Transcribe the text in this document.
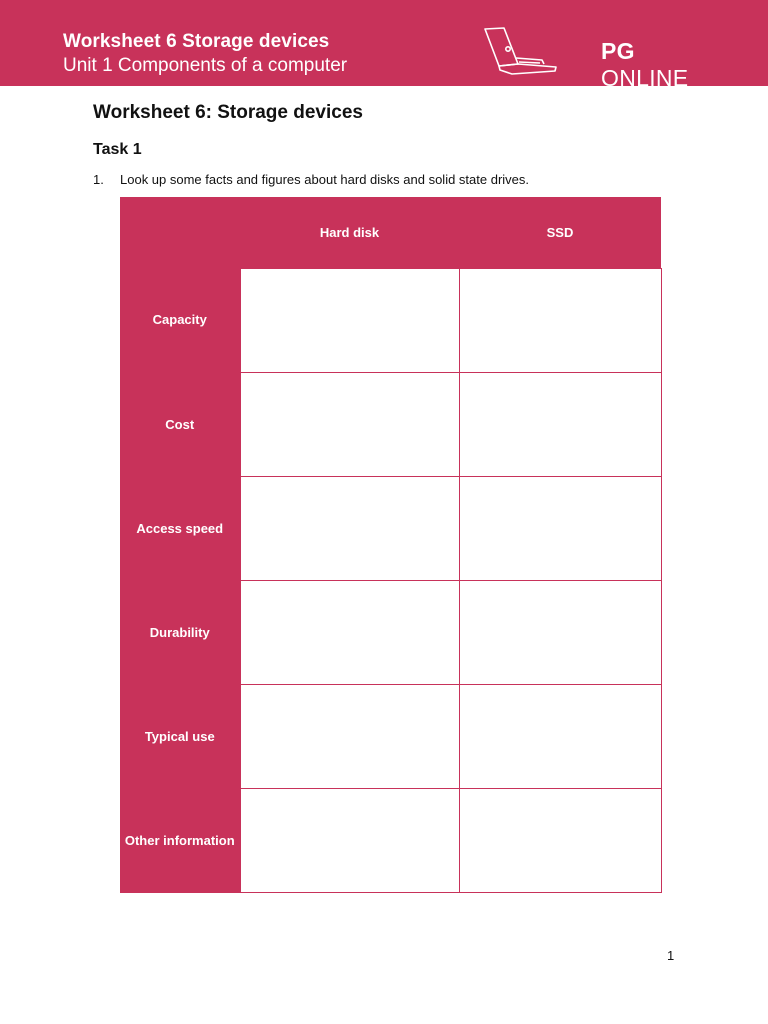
Worksheet 6 Storage devices
Unit 1 Components of a computer
PG ONLINE
Worksheet 6: Storage devices
Task 1
1. Look up some facts and figures about hard disks and solid state drives.
	Hard disk	SSD
Capacity		
Cost		
Access speed		
Durability		
Typical use		
Other information		
1
